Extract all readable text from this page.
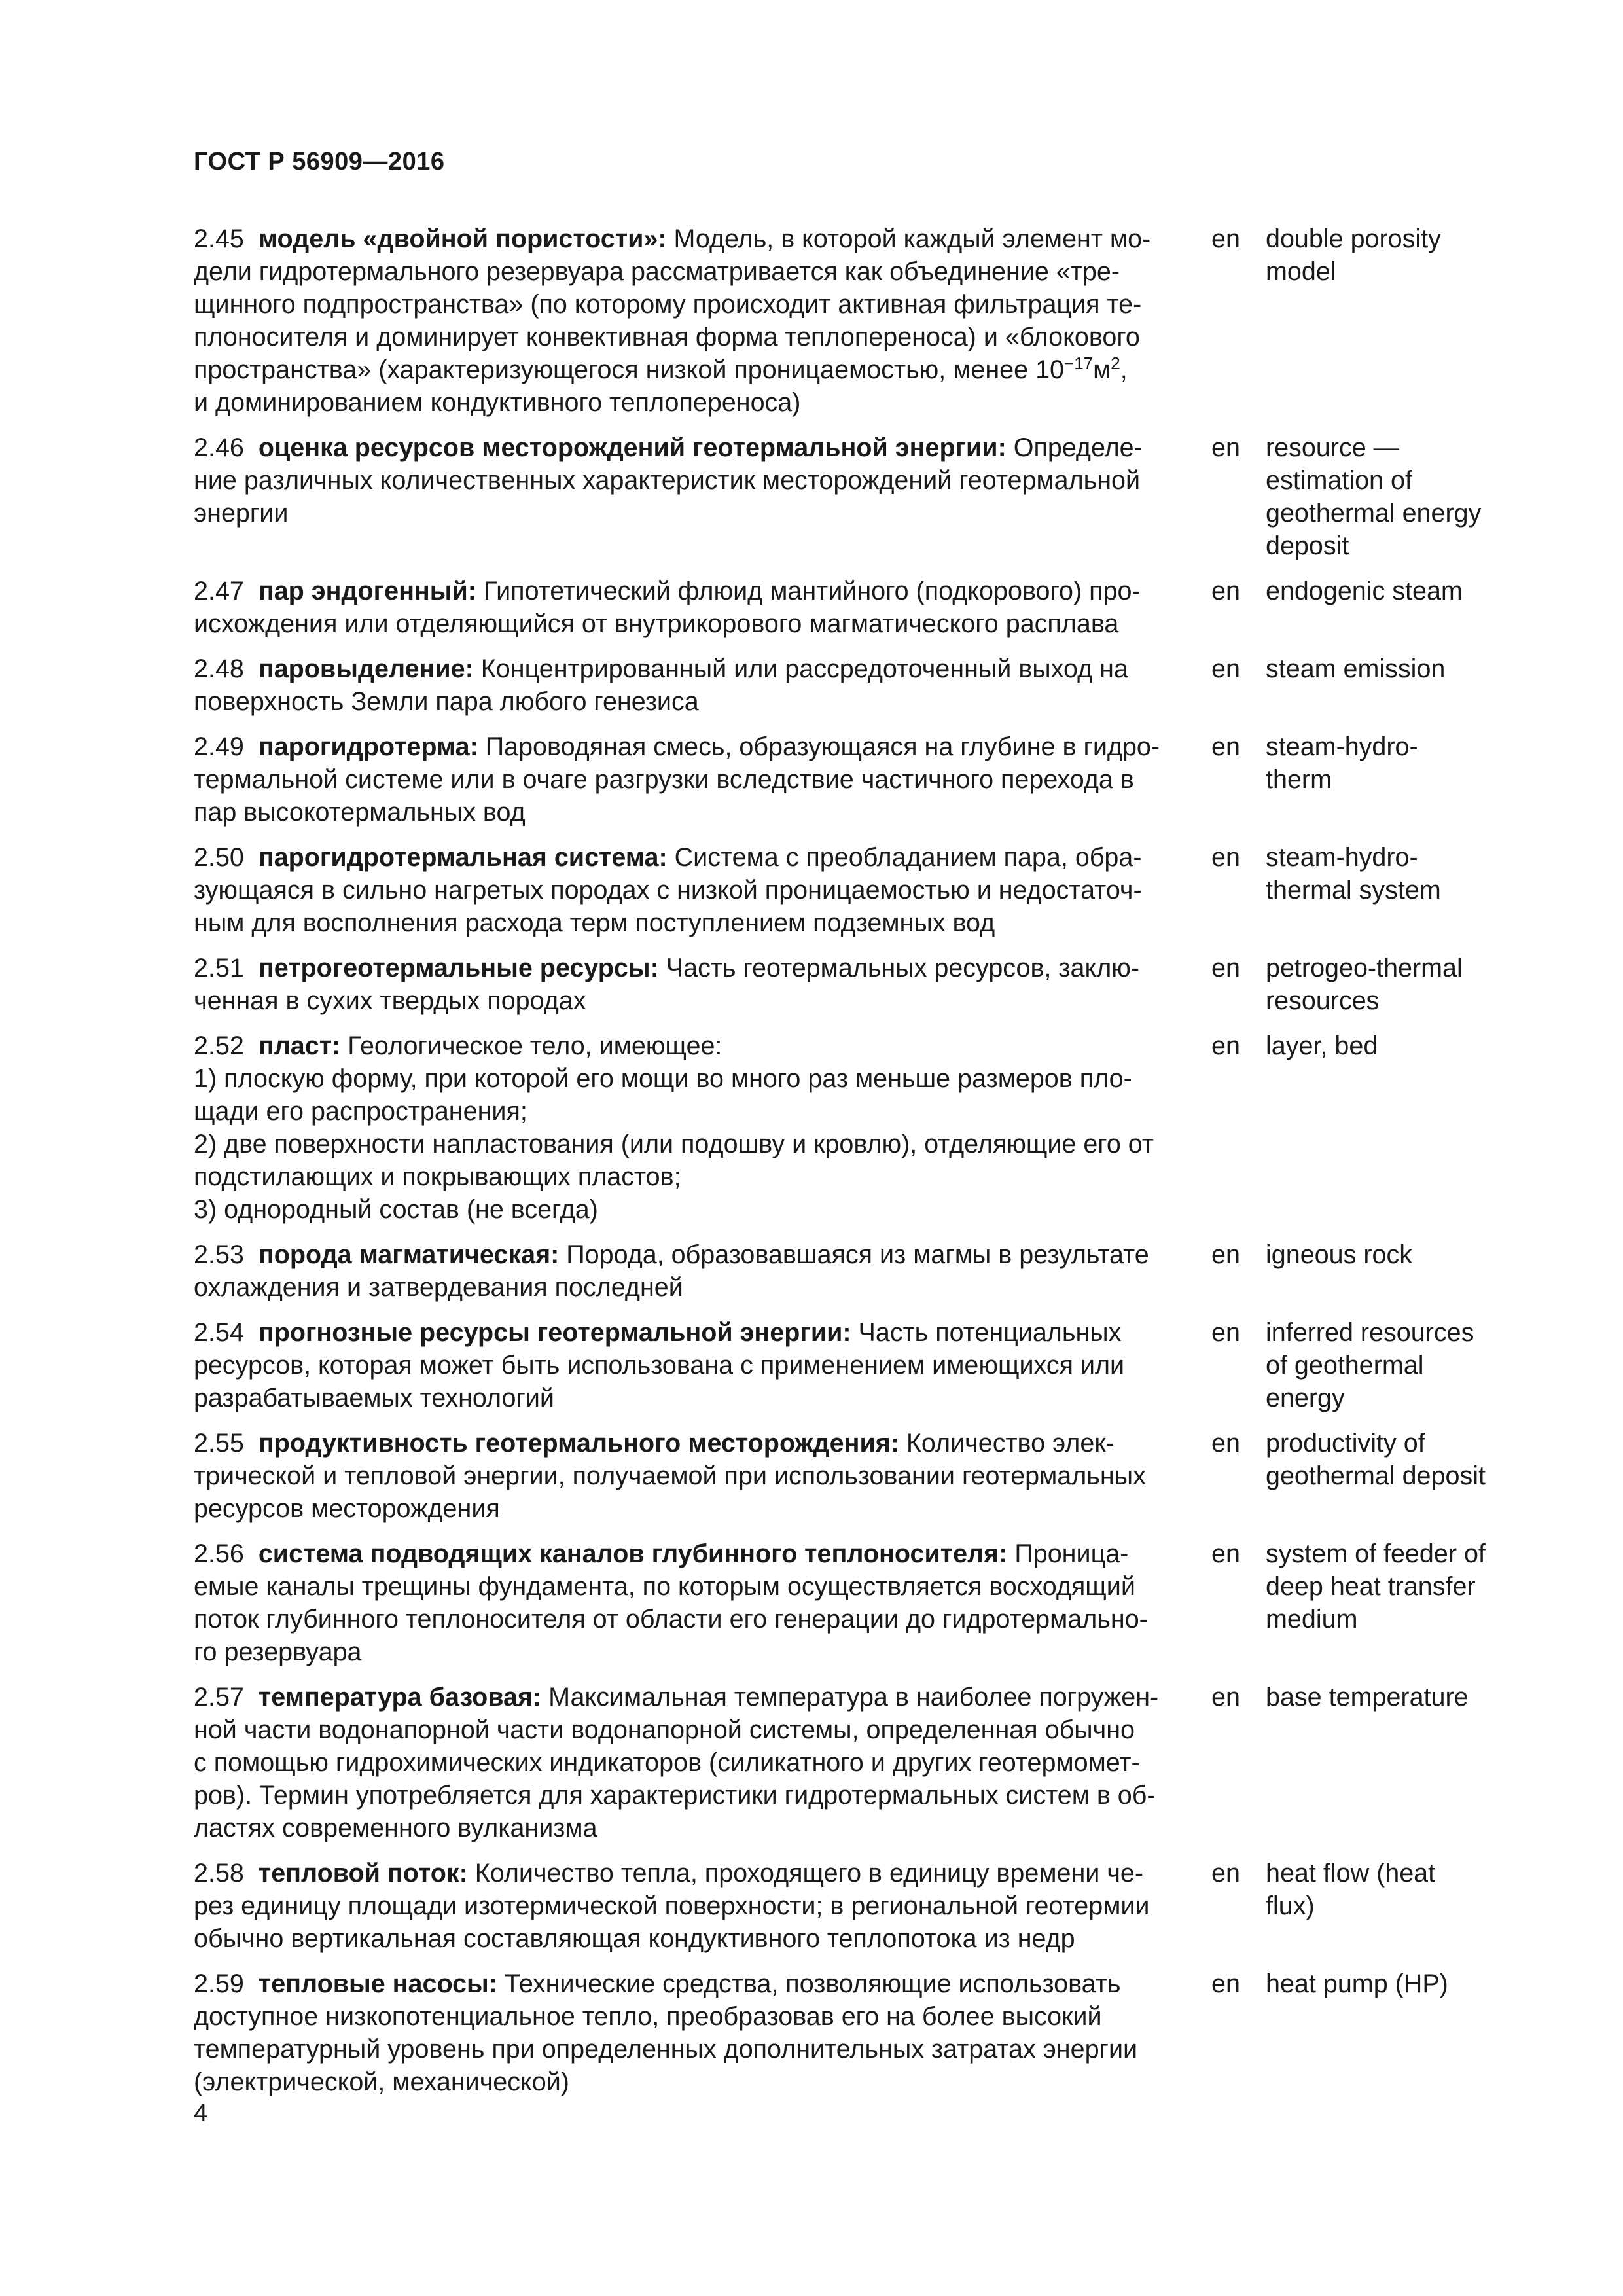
ГОСТ Р 56909—2016
2.45 модель «двойной пористости»: Модель, в которой каждый элемент мо-
дели гидротермального резервуара рассматривается как объединение «тре-
щинного подпространства» (по которому происходит активная фильтрация те-
плоносителя и доминирует конвективная форма теплопереноса) и «блокового
пространства» (характеризующегося низкой проницаемостью, менее $10^{-17}м^2$,
и доминированием кондуктивного теплопереноса)
en double porosity
model
2.46 оценка ресурсов месторождений геотермальной энергии: Определе-
ние различных количественных характеристик месторождений геотермальной
энергии
en resource —
estimation of
geothermal energy
deposit
2.47 пар эндогенный: Гипотетический флюид мантийного (подкорового) про-
исхождения или отделяющийся от внутрикорового магматического расплава
en endogenic steam
2.48 паровыделение: Концентрированный или рассредоточенный выход на
поверхность Земли пара любого генезиса
en steam emission
2.49 парогидротерма: Пароводяная смесь, образующаяся на глубине в гидро-
термальной системе или в очаге разгрузки вследствие частичного перехода в
пар высокотермальных вод
en steam-hydro-
therm
2.50 парогидротермальная система: Система с преобладанием пара, обра-
зующаяся в сильно нагретых породах с низкой проницаемостью и недостаточ-
ным для восполнения расхода терм поступлением подземных вод
en steam-hydro-
thermal system
2.51 петрогеотермальные ресурсы: Часть геотермальных ресурсов, заклю-
ченная в сухих твердых породах
en petrogeo-thermal
resources
2.52 пласт: Геологическое тело, имеющее:
1) плоскую форму, при которой его мощи во много раз меньше размеров пло-
щади его распространения;
2) две поверхности напластования (или подошву и кровлю), отделяющие его от
подстилающих и покрывающих пластов;
3) однородный состав (не всегда)
en layer, bed
2.53 порода магматическая: Порода, образовавшаяся из магмы в результате
охлаждения и затвердевания последней
en igneous rock
2.54 прогнозные ресурсы геотермальной энергии: Часть потенциальных
ресурсов, которая может быть использована с применением имеющихся или
разрабатываемых технологий
en inferred resources
of geothermal
energy
2.55 продуктивность геотермального месторождения: Количество элек-
трической и тепловой энергии, получаемой при использовании геотермальных
ресурсов месторождения
en productivity of
geothermal deposit
2.56 система подводящих каналов глубинного теплоносителя: Проница-
емые каналы трещины фундамента, по которым осуществляется восходящий
поток глубинного теплоносителя от области его генерации до гидротермально-
го резервуара
en system of feeder of
deep heat transfer
medium
2.57 температура базовая: Максимальная температура в наиболее погружен-
ной части водонапорной части водонапорной системы, определенная обычно
с помощью гидрохимических индикаторов (силикатного и других геотермомет-
ров). Термин употребляется для характеристики гидротермальных систем в об-
ластях современного вулканизма
en base temperature
2.58 тепловой поток: Количество тепла, проходящего в единицу времени че-
рез единицу площади изотермической поверхности; в региональной геотермии
обычно вертикальная составляющая кондуктивного теплопотока из недр
en heat flow (heat
flux)
2.59 тепловые насосы: Технические средства, позволяющие использовать
доступное низкопотенциальное тепло, преобразовав его на более высокий
температурный уровень при определенных дополнительных затратах энергии
(электрической, механической)
en heat pump (HP)
4
